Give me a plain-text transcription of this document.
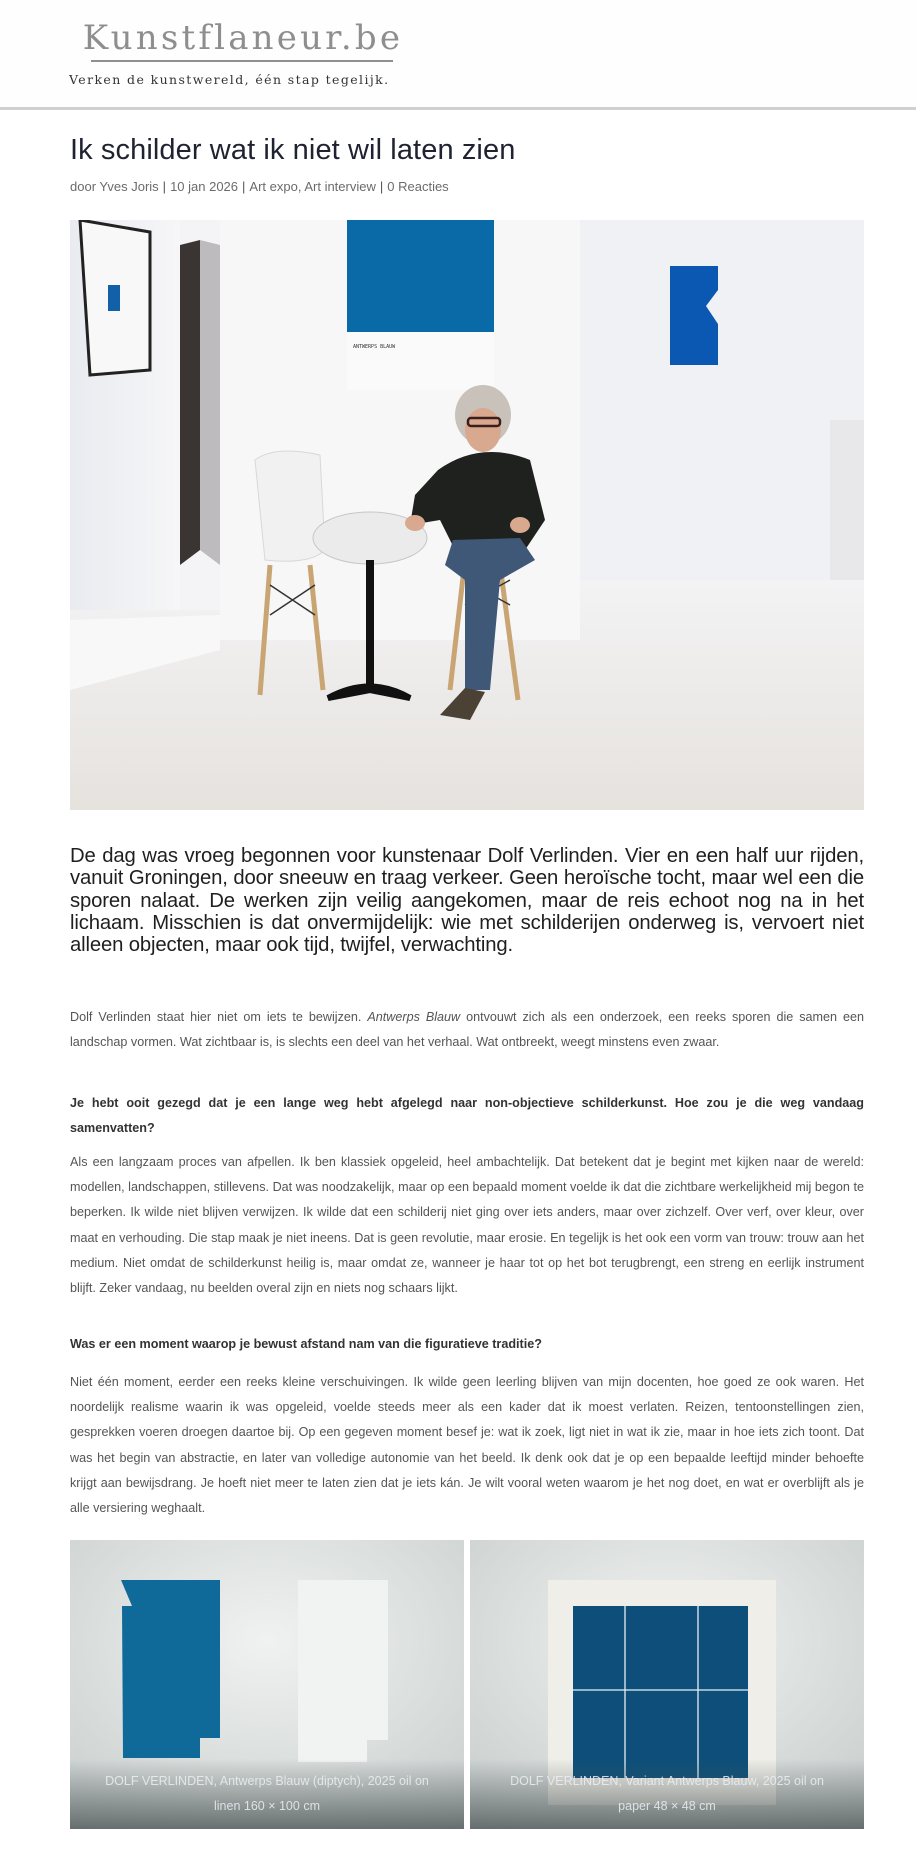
Kunstflaneur.be
Verken de kunstwereld, één stap tegelijk.
Ik schilder wat ik niet wil laten zien
door Yves Joris | 10 jan 2026 | Art expo, Art interview | 0 Reacties
ANTWERPS BLAUW

De dag was vroeg begonnen voor kunstenaar Dolf Verlinden. Vier en een half uur rijden, vanuit Groningen, door sneeuw en traag verkeer. Geen heroïsche tocht, maar wel een die sporen nalaat. De werken zijn veilig aangekomen, maar de reis echoot nog na in het lichaam. Misschien is dat onvermijdelijk: wie met schilderijen onderweg is, vervoert niet alleen objecten, maar ook tijd, twijfel, verwachting.

Dolf Verlinden staat hier niet om iets te bewijzen. Antwerps Blauw ontvouwt zich als een onderzoek, een reeks sporen die samen een landschap vormen. Wat zichtbaar is, is slechts een deel van het verhaal. Wat ontbreekt, weegt minstens even zwaar.

Je hebt ooit gezegd dat je een lange weg hebt afgelegd naar non-objectieve schilderkunst. Hoe zou je die weg vandaag samenvatten?

Als een langzaam proces van afpellen. Ik ben klassiek opgeleid, heel ambachtelijk. Dat betekent dat je begint met kijken naar de wereld: modellen, landschappen, stillevens. Dat was noodzakelijk, maar op een bepaald moment voelde ik dat die zichtbare werkelijkheid mij begon te beperken. Ik wilde niet blijven verwijzen. Ik wilde dat een schilderij niet ging over iets anders, maar over zichzelf. Over verf, over kleur, over maat en verhouding. Die stap maak je niet ineens. Dat is geen revolutie, maar erosie. En tegelijk is het ook een vorm van trouw: trouw aan het medium. Niet omdat de schilderkunst heilig is, maar omdat ze, wanneer je haar tot op het bot terugbrengt, een streng en eerlijk instrument blijft. Zeker vandaag, nu beelden overal zijn en niets nog schaars lijkt.

Was er een moment waarop je bewust afstand nam van die figuratieve traditie?

Niet één moment, eerder een reeks kleine verschuivingen. Ik wilde geen leerling blijven van mijn docenten, hoe goed ze ook waren. Het noordelijk realisme waarin ik was opgeleid, voelde steeds meer als een kader dat ik moest verlaten. Reizen, tentoonstellingen zien, gesprekken voeren droegen daartoe bij. Op een gegeven moment besef je: wat ik zoek, ligt niet in wat ik zie, maar in hoe iets zich toont. Dat was het begin van abstractie, en later van volledige autonomie van het beeld. Ik denk ook dat je op een bepaalde leeftijd minder behoefte krijgt aan bewijsdrang. Je hoeft niet meer te laten zien dat je iets kán. Je wilt vooral weten waarom je het nog doet, en wat er overblijft als je alle versiering weghaalt.

DOLF VERLINDEN, Antwerps Blauw (diptych), 2025 oil on linen 160 × 100 cm
DOLF VERLINDEN, Variant Antwerps Blauw, 2025 oil on paper 48 × 48 cm
